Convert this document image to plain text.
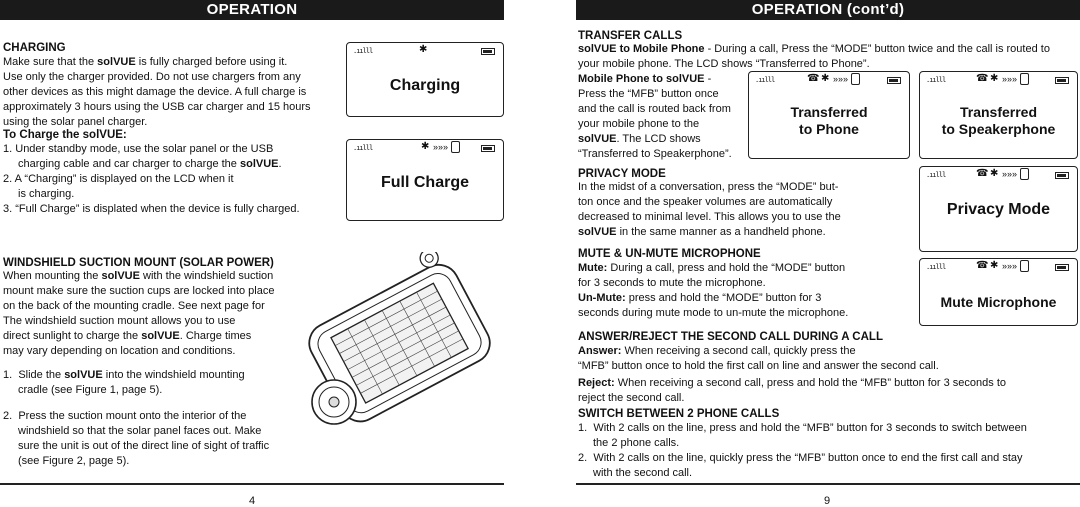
OPERATION
CHARGING
Make sure that the solVUE is fully charged before using it.
Use only the charger provided. Do not use chargers from any
other devices as this might damage the device. A full charge is
approximately 3 hours using the USB car charger and 15 hours
using the solar panel charger.
To Charge the solVUE:
1. Under standby mode, use the solar panel or the USB
charging cable and car charger to charge the solVUE.
2. A “Charging” is displayed on the LCD when it
is charging.
3. “Full Charge” is displated when the device is fully charged.
.ıılll	✱
Charging
.ıılll	✱ »»»
Full Charge
WINDSHIELD SUCTION MOUNT (SOLAR POWER)
When mounting the solVUE with the windshield suction
mount make sure the suction cups are locked into place
on the back of the mounting cradle. See next page for
The windshield suction mount allows you to use
direct sunlight to charge the solVUE. Charge times
may vary depending on location and conditions.
1. Slide the solVUE into the windshield mounting
cradle (see Figure 1, page 5).
2. Press the suction mount onto the interior of the
windshield so that the solar panel faces out. Make
sure the unit is out of the direct line of sight of traffic
(see Figure 2, page 5).
4
OPERATION (cont’d)
TRANSFER CALLS
solVUE to Mobile Phone - During a call, Press the “MODE” button twice and the call is routed to
your mobile phone. The LCD shows “Transferred to Phone”.
Mobile Phone to solVUE -
Press the “MFB” button once
and the call is routed back from
your mobile phone to the
solVUE. The LCD shows
“Transferred to Speakerphone”.
.ıılll	☎ ✱ »»»
Transferred
to Phone
.ıılll	☎ ✱ »»»
Transferred
to Speakerphone
PRIVACY MODE
In the midst of a conversation, press the “MODE” but-
ton once and the speaker volumes are automatically
decreased to minimal level. This allows you to use the
solVUE in the same manner as a handheld phone.
.ıılll	☎ ✱ »»»
Privacy Mode
MUTE & UN-MUTE MICROPHONE
Mute: During a call, press and hold the “MODE” button
for 3 seconds to mute the microphone.
Un-Mute: press and hold the “MODE” button for 3
seconds during mute mode to un-mute the microphone.
.ıılll	☎ ✱ »»»
Mute Microphone
ANSWER/REJECT THE SECOND CALL DURING A CALL
Answer: When receiving a second call, quickly press the
“MFB” button once to hold the first call on line and answer the second call.
Reject: When receiving a second call, press and hold the “MFB” button for 3 seconds to
reject the second call.
SWITCH BETWEEN 2 PHONE CALLS
1. With 2 calls on the line, press and hold the “MFB” button for 3 seconds to switch between
the 2 phone calls.
2. With 2 calls on the line, quickly press the “MFB” button once to end the first call and stay
with the second call.
9
